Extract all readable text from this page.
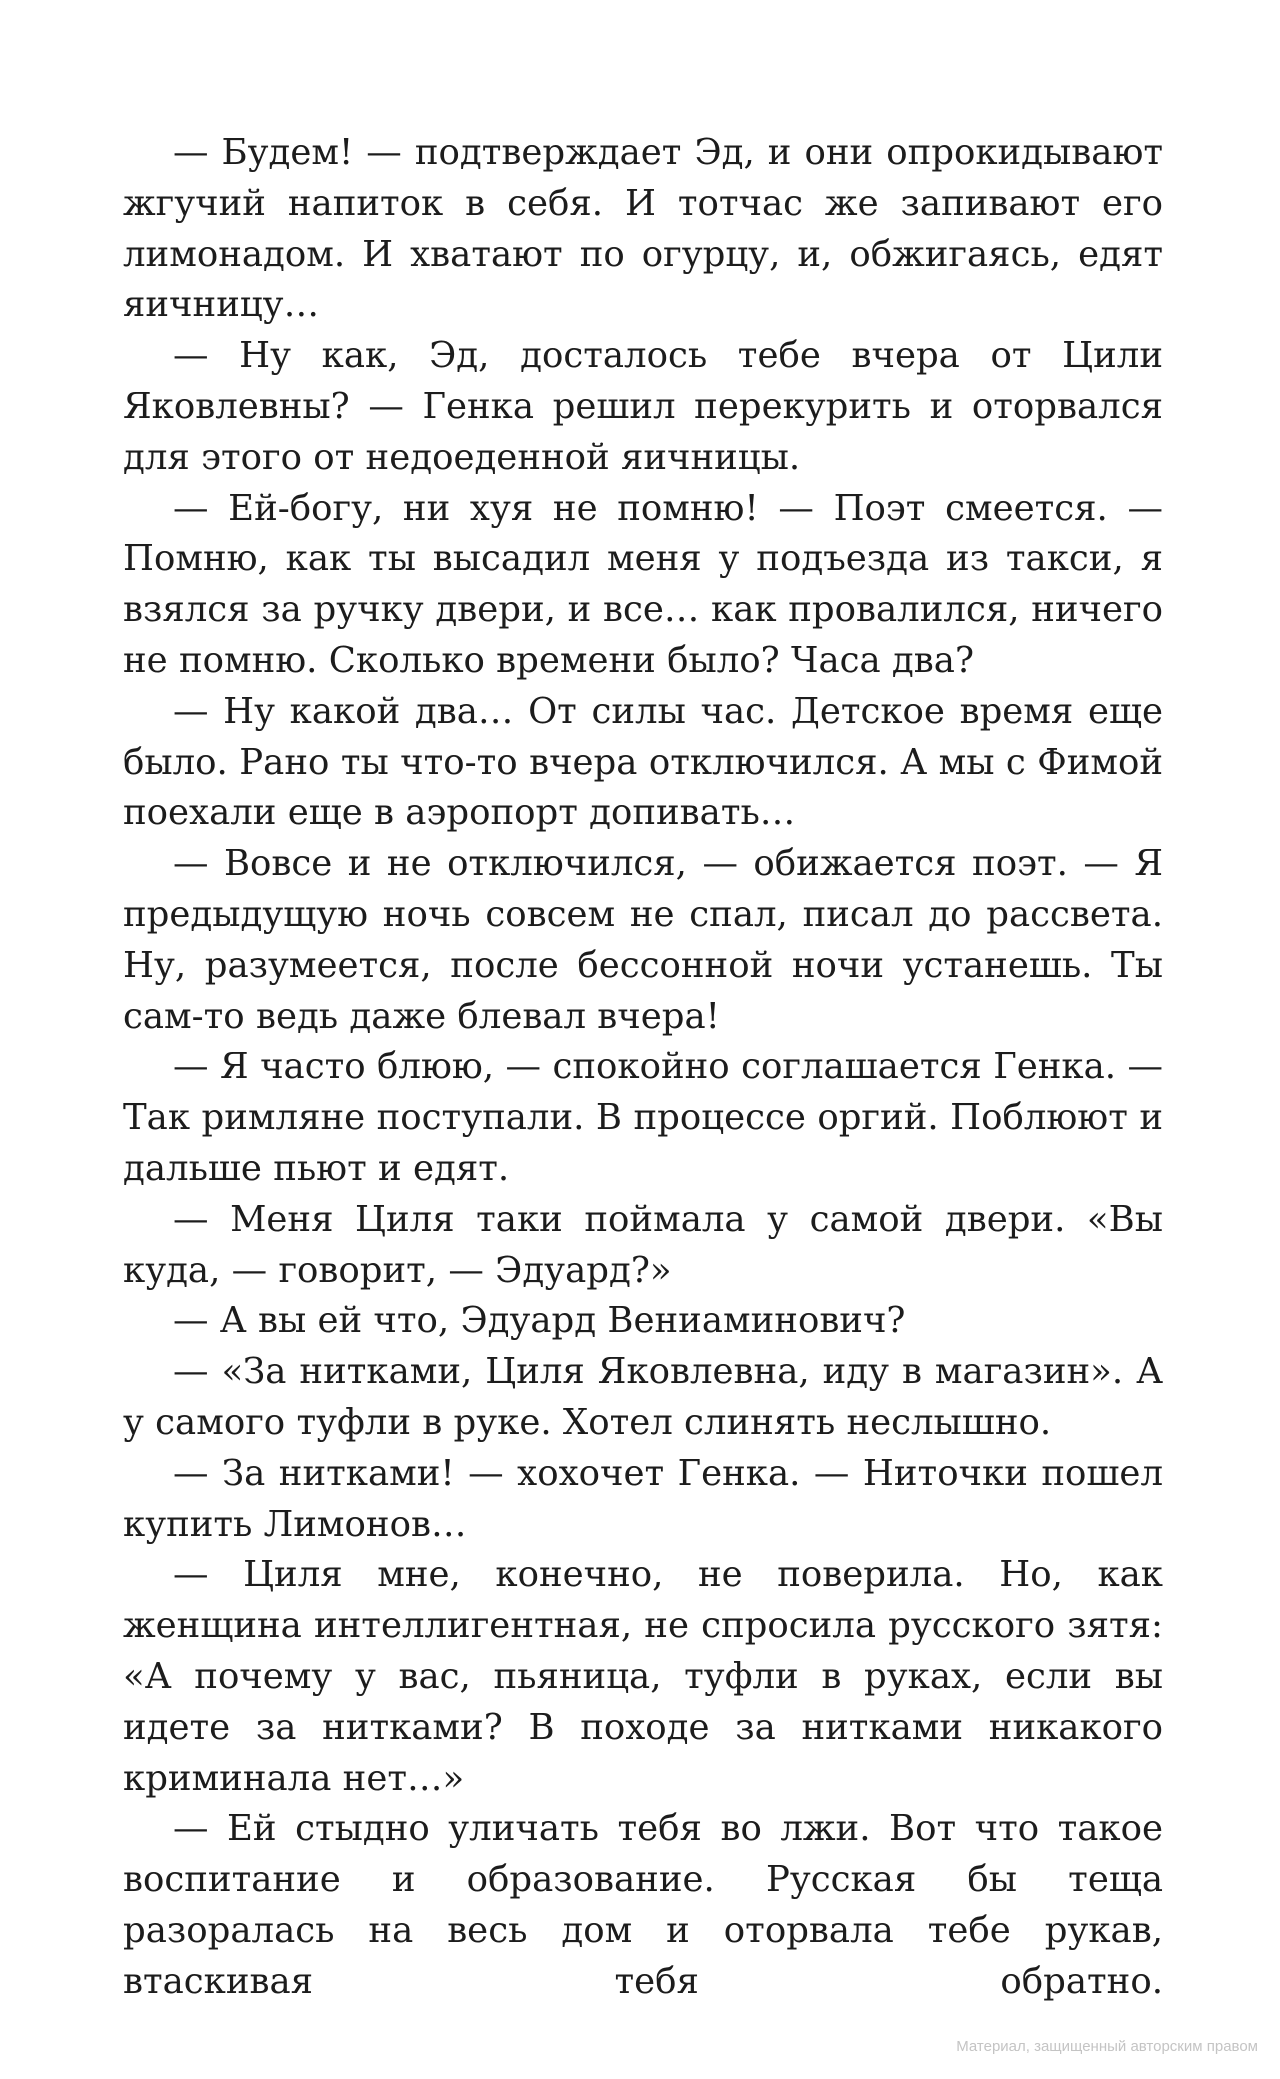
— Будем! — подтверждает Эд, и они опрокидывают жгучий напиток в себя. И тотчас же запивают его лимонадом. И хватают по огурцу, и, обжигаясь, едят яичницу…

— Ну как, Эд, досталось тебе вчера от Цили Яковлевны? — Генка решил перекурить и оторвался для этого от недоеденной яичницы.

— Ей-богу, ни хуя не помню! — Поэт смеется. — Помню, как ты высадил меня у подъезда из такси, я взялся за ручку двери, и все… как провалился, ничего не помню. Сколько времени было? Часа два?

— Ну какой два… От силы час. Детское время еще было. Рано ты что-то вчера отключился. А мы с Фимой поехали еще в аэропорт допивать…

— Вовсе и не отключился, — обижается поэт. — Я предыдущую ночь совсем не спал, писал до рассвета. Ну, разумеется, после бессонной ночи устанешь. Ты сам-то ведь даже блевал вчера!

— Я часто блюю, — спокойно соглашается Генка. — Так римляне поступали. В процессе оргий. Поблюют и дальше пьют и едят.

— Меня Циля таки поймала у самой двери. «Вы куда, — говорит, — Эдуард?»

— А вы ей что, Эдуард Вениаминович?

— «За нитками, Циля Яковлевна, иду в магазин». А у самого туфли в руке. Хотел слинять неслышно.

— За нитками! — хохочет Генка. — Ниточки пошел купить Лимонов…

— Циля мне, конечно, не поверила. Но, как женщина интеллигентная, не спросила русского зятя: «А почему у вас, пьяница, туфли в руках, если вы идете за нитками? В походе за нитками никакого криминала нет…»

— Ей стыдно уличать тебя во лжи. Вот что такое воспитание и образование. Русская бы теща разоралась на весь дом и оторвала тебе рукав, втаскивая тебя обратно.

Материал, защищенный авторским правом
